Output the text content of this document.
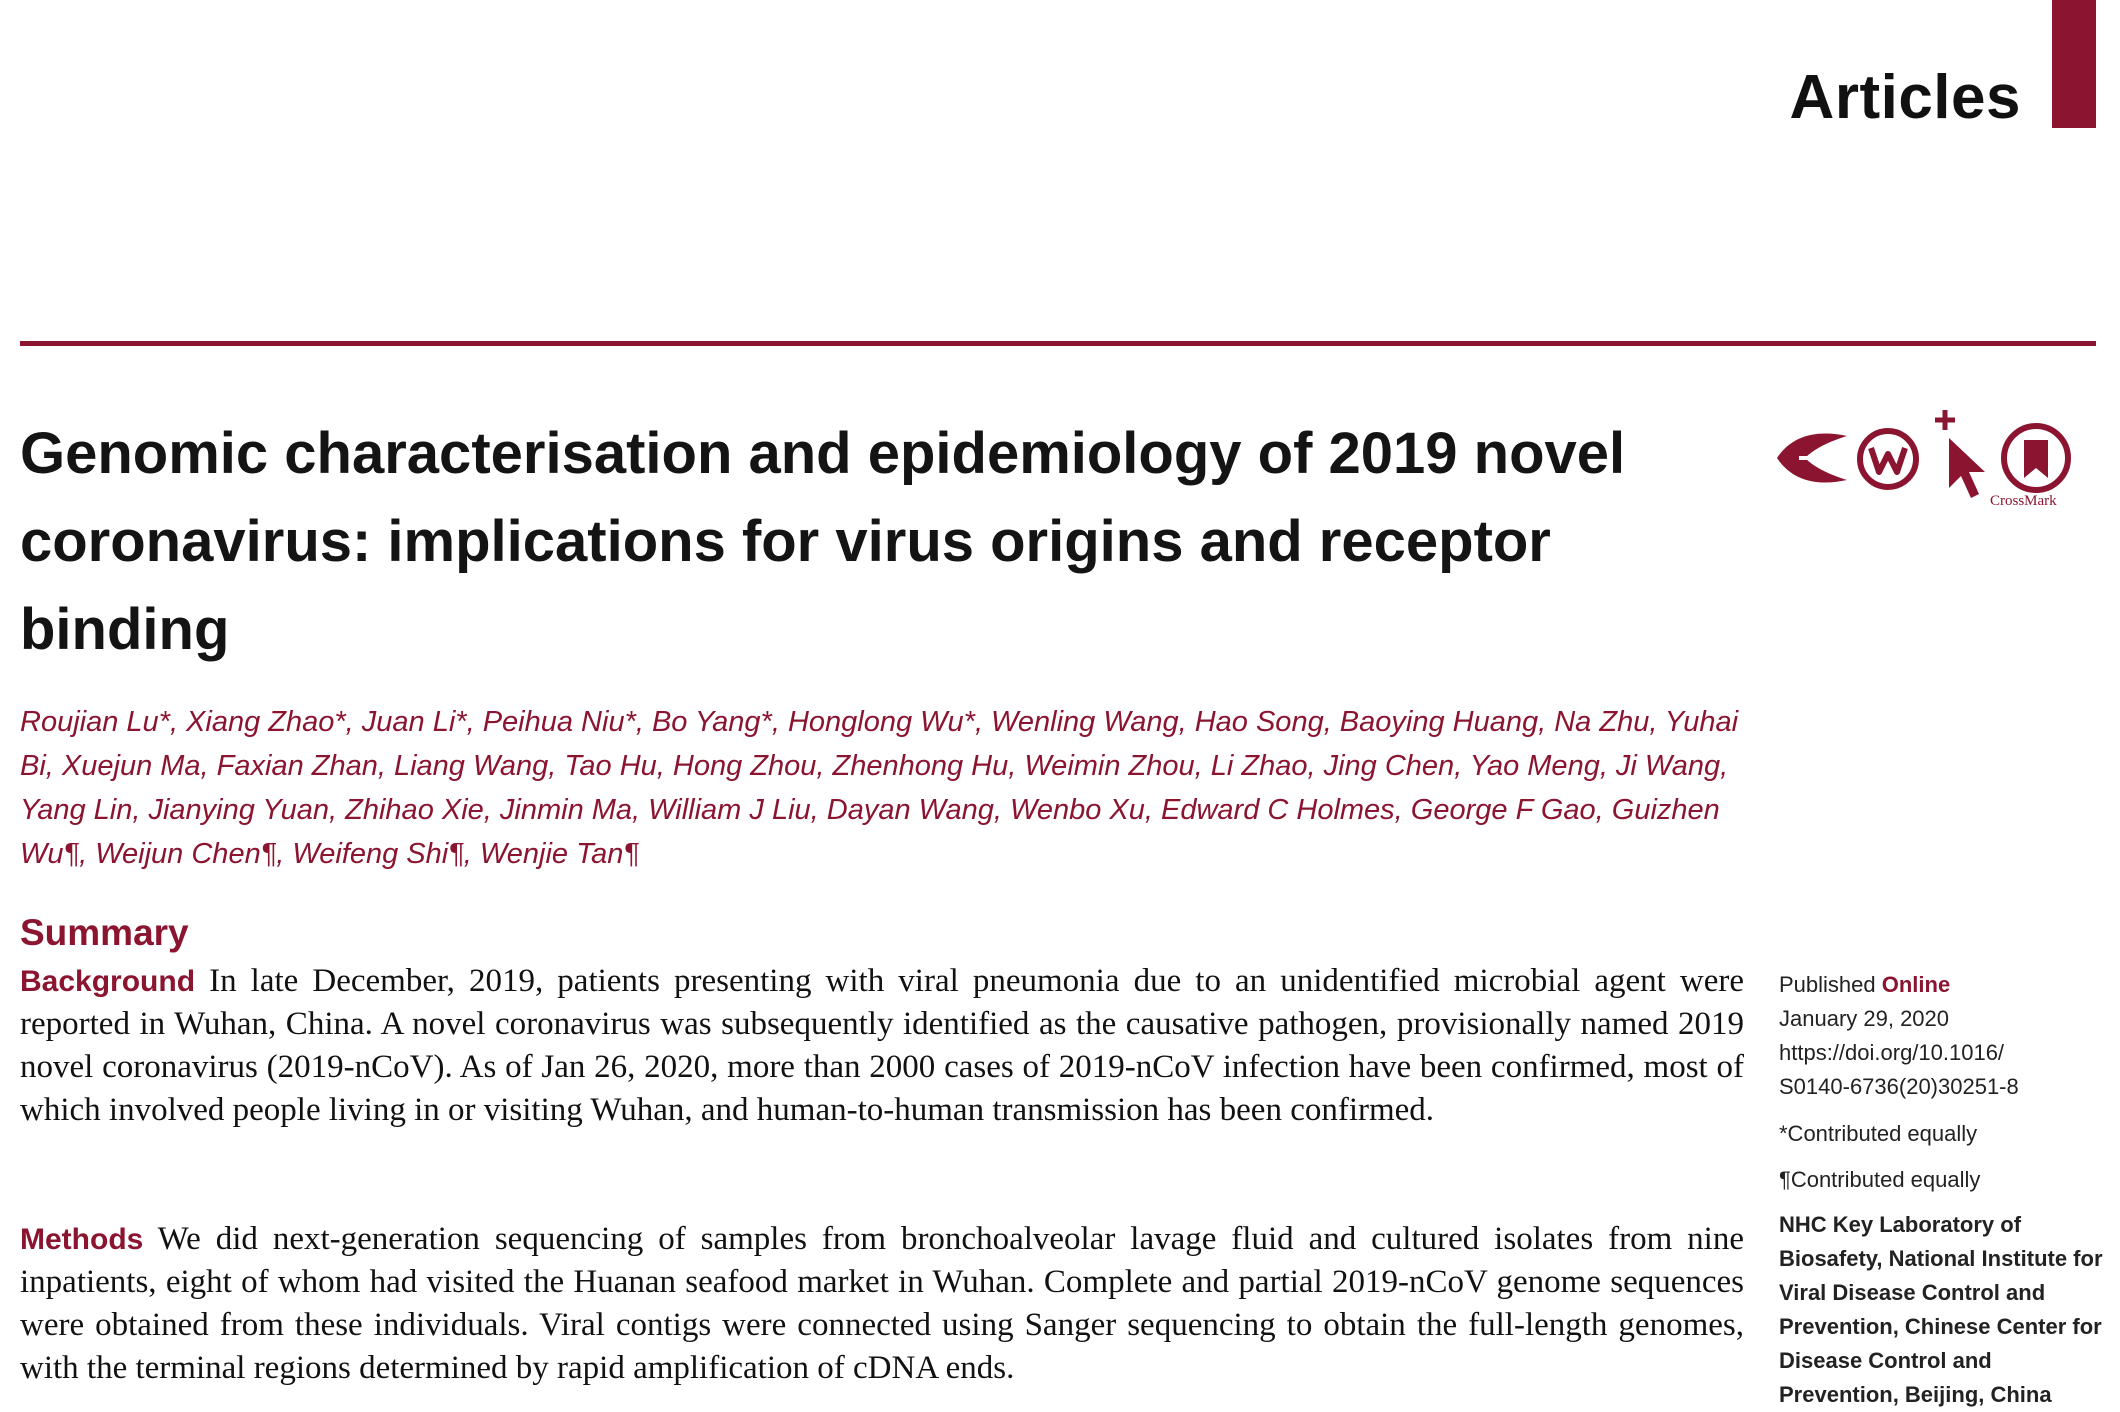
Articles
Genomic characterisation and epidemiology of 2019 novel coronavirus: implications for virus origins and receptor binding
CrossMark

Roujian Lu*, Xiang Zhao*, Juan Li*, Peihua Niu*, Bo Yang*, Honglong Wu*, Wenling Wang, Hao Song, Baoying Huang, Na Zhu, Yuhai Bi, Xuejun Ma, Faxian Zhan, Liang Wang, Tao Hu, Hong Zhou, Zhenhong Hu, Weimin Zhou, Li Zhao, Jing Chen, Yao Meng, Ji Wang, Yang Lin, Jianying Yuan, Zhihao Xie, Jinmin Ma, William J Liu, Dayan Wang, Wenbo Xu, Edward C Holmes, George F Gao, Guizhen Wu¶, Weijun Chen¶, Weifeng Shi¶, Wenjie Tan¶

Summary

Background In late December, 2019, patients presenting with viral pneumonia due to an unidentified microbial agent were reported in Wuhan, China. A novel coronavirus was subsequently identified as the causative pathogen, provisionally named 2019 novel coronavirus (2019-nCoV). As of Jan 26, 2020, more than 2000 cases of 2019-nCoV infection have been confirmed, most of which involved people living in or visiting Wuhan, and human-to-human transmission has been confirmed.

Methods We did next-generation sequencing of samples from bronchoalveolar lavage fluid and cultured isolates from nine inpatients, eight of whom had visited the Huanan seafood market in Wuhan. Complete and partial 2019-nCoV genome sequences were obtained from these individuals. Viral contigs were connected using Sanger sequencing to obtain the full-length genomes, with the terminal regions determined by rapid amplification of cDNA ends.

Published Online
January 29, 2020
https://doi.org/10.1016/
S0140-6736(20)30251-8
*Contributed equally
¶Contributed equally
NHC Key Laboratory of Biosafety, National Institute for Viral Disease Control and Prevention, Chinese Center for Disease Control and Prevention, Beijing, China
